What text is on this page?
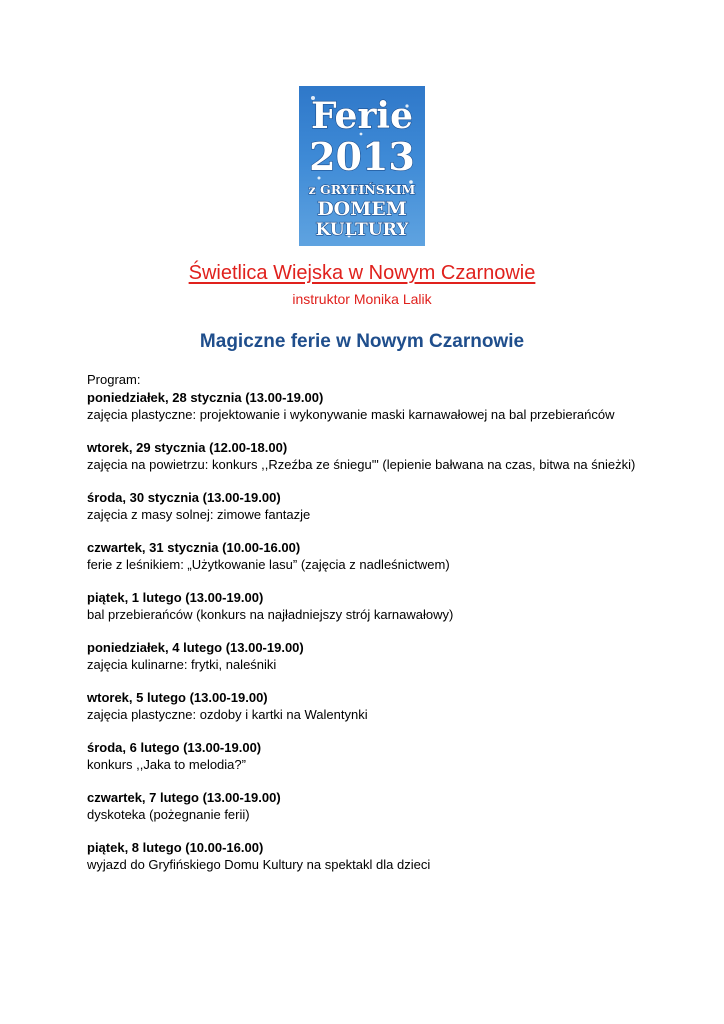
Ferie
2013
z GRYFIŃSKIM
DOMEM
KULTURY
Świetlica Wiejska w Nowym Czarnowie
instruktor Monika Lalik
Magiczne ferie w Nowym Czarnowie
Program:
poniedziałek, 28 stycznia (13.00-19.00)
zajęcia plastyczne: projektowanie i wykonywanie maski karnawałowej na bal przebierańców
wtorek, 29 stycznia (12.00-18.00)
zajęcia na powietrzu: konkurs ,,Rzeźba ze śniegu'" (lepienie bałwana na czas, bitwa na śnieżki)
środa, 30 stycznia (13.00-19.00)
zajęcia z masy solnej: zimowe fantazje
czwartek, 31 stycznia (10.00-16.00)
ferie z leśnikiem: „Użytkowanie lasu” (zajęcia z nadleśnictwem)
piątek, 1 lutego (13.00-19.00)
bal przebierańców (konkurs na najładniejszy strój karnawałowy)
poniedziałek, 4 lutego (13.00-19.00)
zajęcia kulinarne: frytki, naleśniki
wtorek, 5 lutego (13.00-19.00)
zajęcia plastyczne: ozdoby i kartki na Walentynki
środa, 6 lutego (13.00-19.00)
konkurs ,,Jaka to melodia?”
czwartek, 7 lutego (13.00-19.00)
dyskoteka (pożegnanie ferii)
piątek, 8 lutego (10.00-16.00)
wyjazd do Gryfińskiego Domu Kultury na spektakl dla dzieci
